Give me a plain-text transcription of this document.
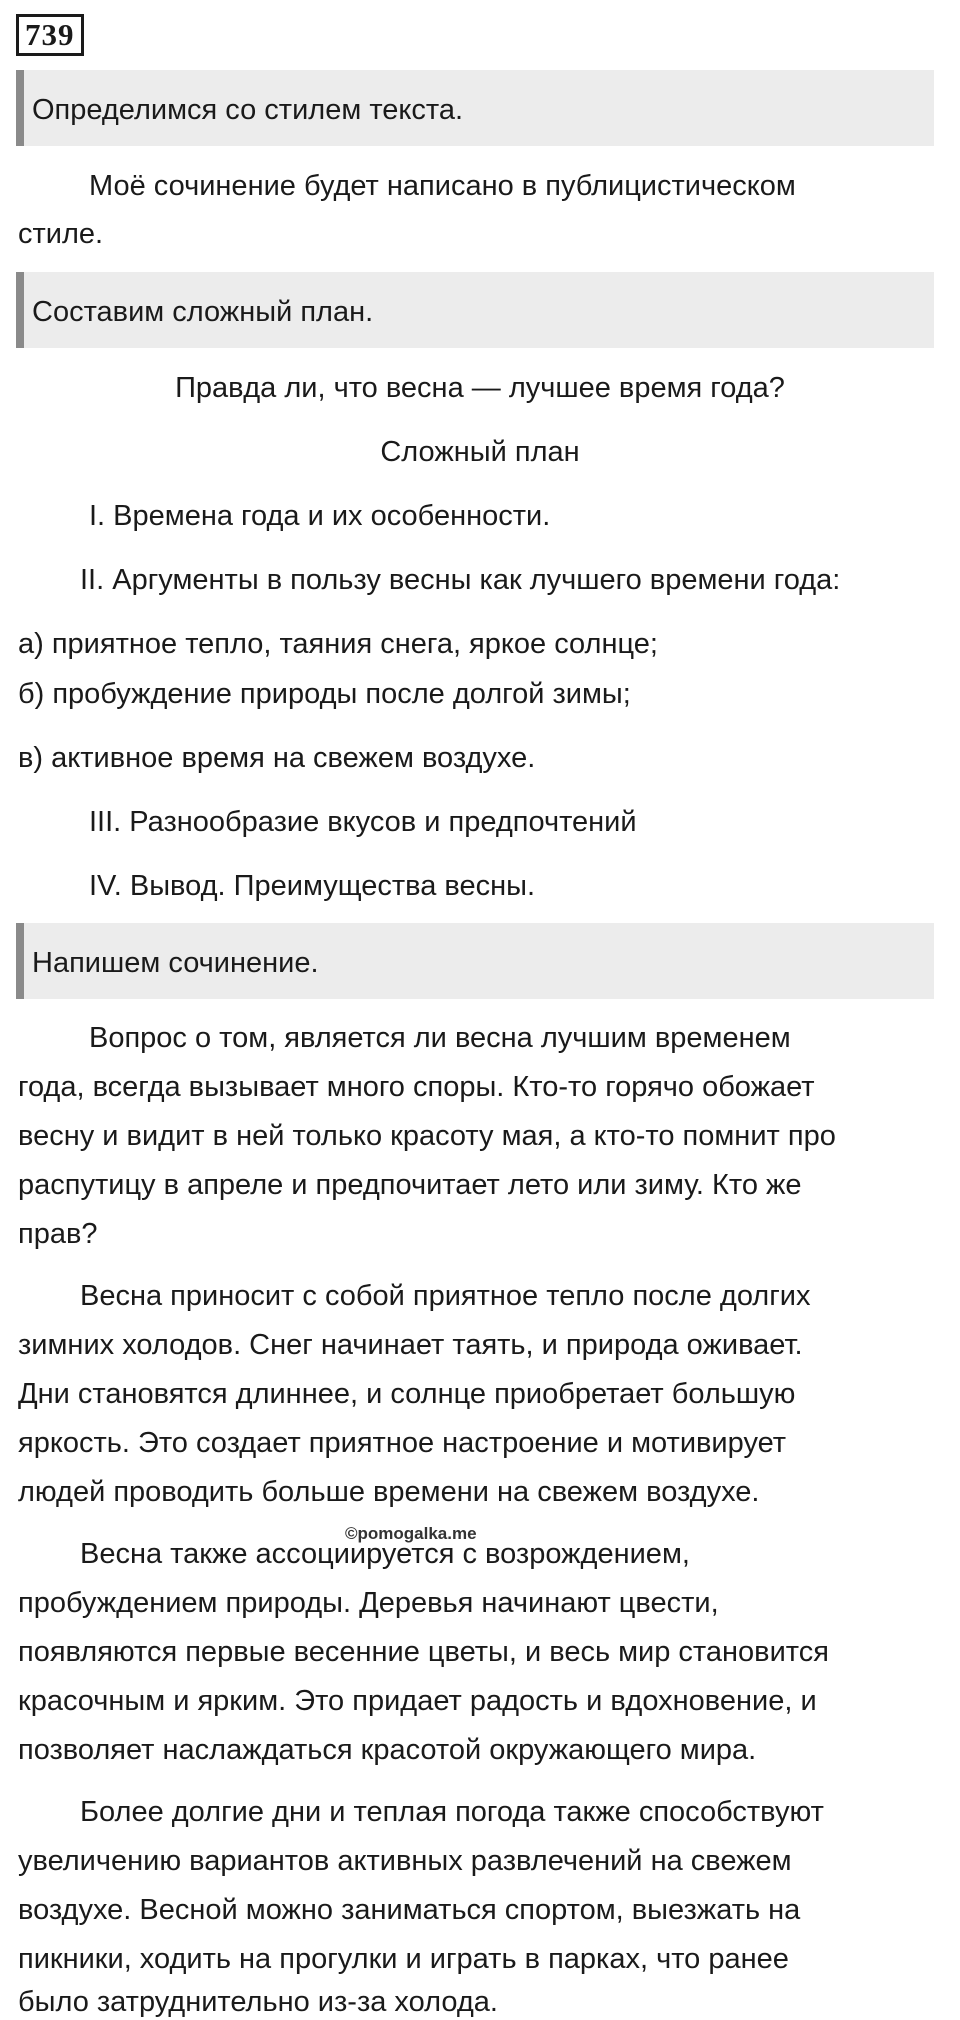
739
Определимся со стилем текста.
Моё сочинение будет написано в публицистическом
стиле.
Составим сложный план.
Правда ли, что весна — лучшее время года?
Сложный план
I. Времена года и их особенности.
II. Аргументы в пользу весны как лучшего времени года:
а) приятное тепло, таяния снега, яркое солнце;
б) пробуждение природы после долгой зимы;
в) активное время на свежем воздухе.
III. Разнообразие вкусов и предпочтений
IV. Вывод. Преимущества весны.
Напишем сочинение.
Вопрос о том, является ли весна лучшим временем
года, всегда вызывает много споры. Кто-то горячо обожает
весну и видит в ней только красоту мая, а кто-то помнит про
распутицу в апреле и предпочитает лето или зиму. Кто же
прав?
Весна приносит с собой приятное тепло после долгих
зимних холодов. Снег начинает таять, и природа оживает.
Дни становятся длиннее, и солнце приобретает большую
яркость. Это создает приятное настроение и мотивирует
людей проводить больше времени на свежем воздухе.
©pomogalka.me
Весна также ассоциируется с возрождением,
пробуждением природы. Деревья начинают цвести,
появляются первые весенние цветы, и весь мир становится
красочным и ярким. Это придает радость и вдохновение, и
позволяет наслаждаться красотой окружающего мира.
Более долгие дни и теплая погода также способствуют
увеличению вариантов активных развлечений на свежем
воздухе. Весной можно заниматься спортом, выезжать на
пикники, ходить на прогулки и играть в парках, что ранее
было затруднительно из-за холода.
